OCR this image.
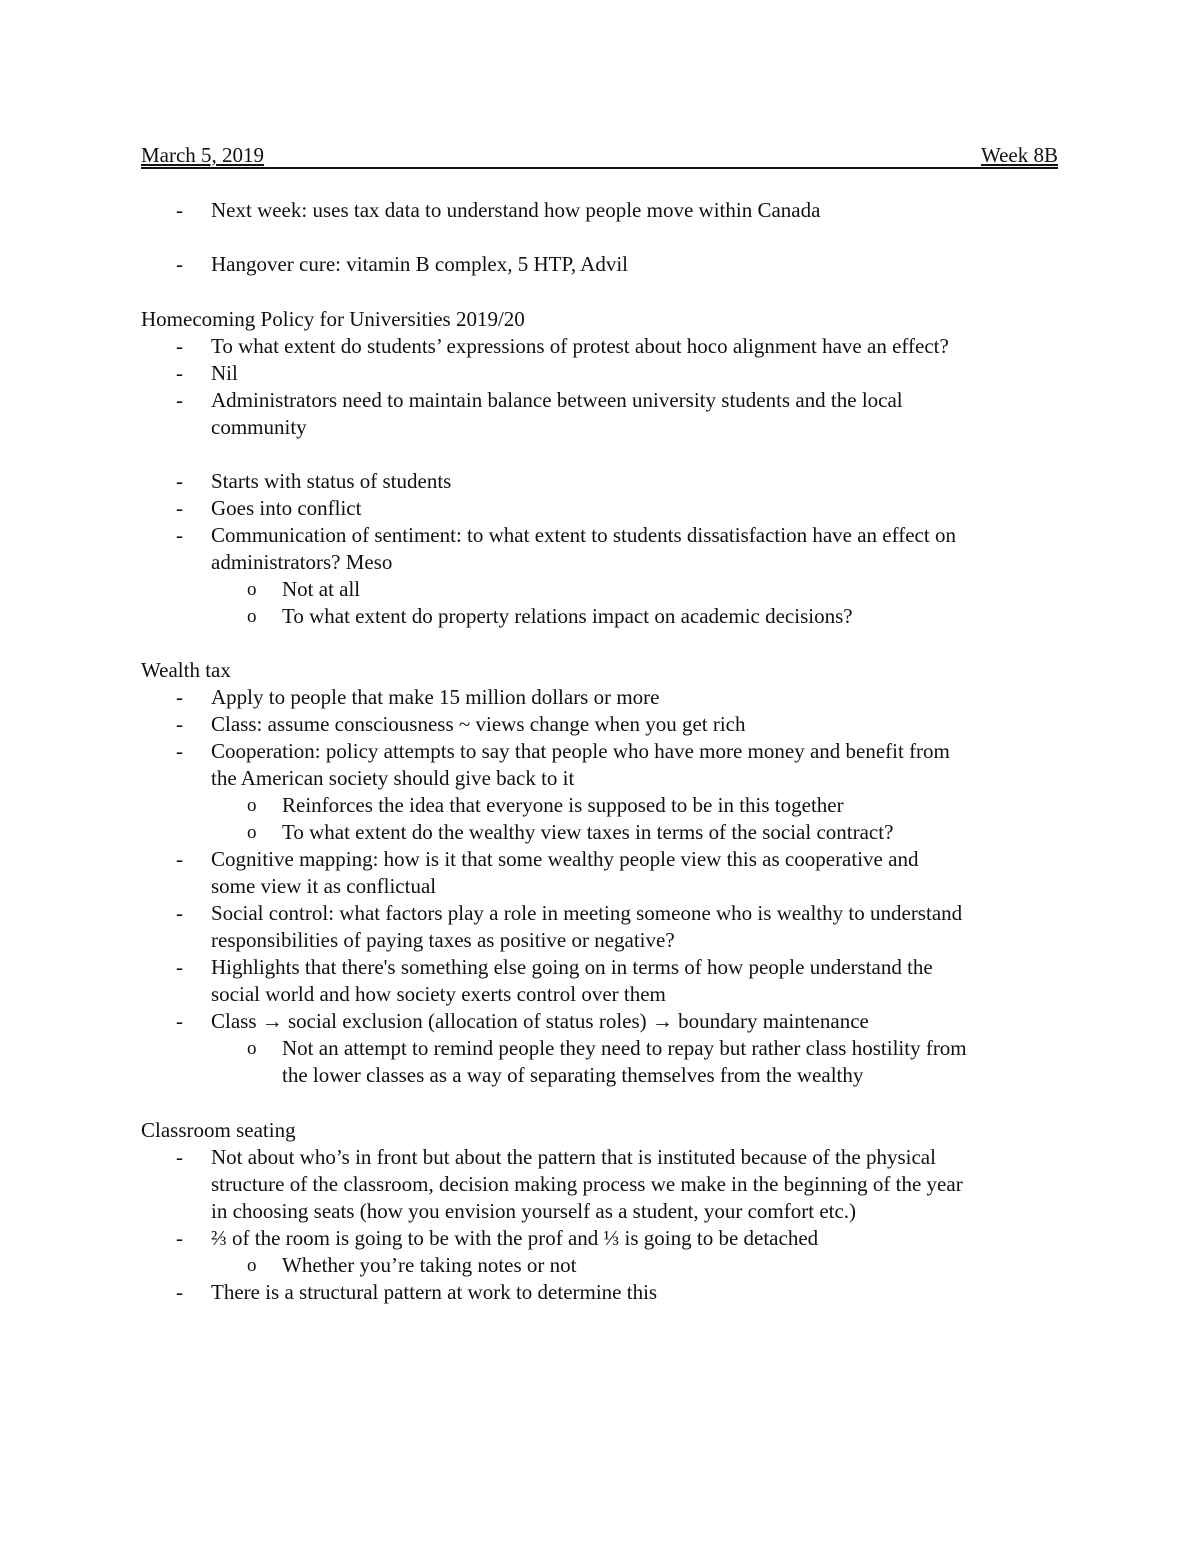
March 5, 2019	Week 8B
- Next week: uses tax data to understand how people move within Canada
- Hangover cure: vitamin B complex, 5 HTP, Advil
Homecoming Policy for Universities 2019/20
- To what extent do students’ expressions of protest about hoco alignment have an effect?
- Nil
- Administrators need to maintain balance between university students and the local
community
- Starts with status of students
- Goes into conflict
- Communication of sentiment: to what extent to students dissatisfaction have an effect on
administrators? Meso
o Not at all
o To what extent do property relations impact on academic decisions?
Wealth tax
- Apply to people that make 15 million dollars or more
- Class: assume consciousness ~ views change when you get rich
- Cooperation: policy attempts to say that people who have more money and benefit from
the American society should give back to it
o Reinforces the idea that everyone is supposed to be in this together
o To what extent do the wealthy view taxes in terms of the social contract?
- Cognitive mapping: how is it that some wealthy people view this as cooperative and
some view it as conflictual
- Social control: what factors play a role in meeting someone who is wealthy to understand
responsibilities of paying taxes as positive or negative?
- Highlights that there's something else going on in terms of how people understand the
social world and how society exerts control over them
- Class → social exclusion (allocation of status roles) → boundary maintenance
o Not an attempt to remind people they need to repay but rather class hostility from
the lower classes as a way of separating themselves from the wealthy
Classroom seating
- Not about who’s in front but about the pattern that is instituted because of the physical
structure of the classroom, decision making process we make in the beginning of the year
in choosing seats (how you envision yourself as a student, your comfort etc.)
- ⅔ of the room is going to be with the prof and ⅓ is going to be detached
o Whether you’re taking notes or not
- There is a structural pattern at work to determine this
